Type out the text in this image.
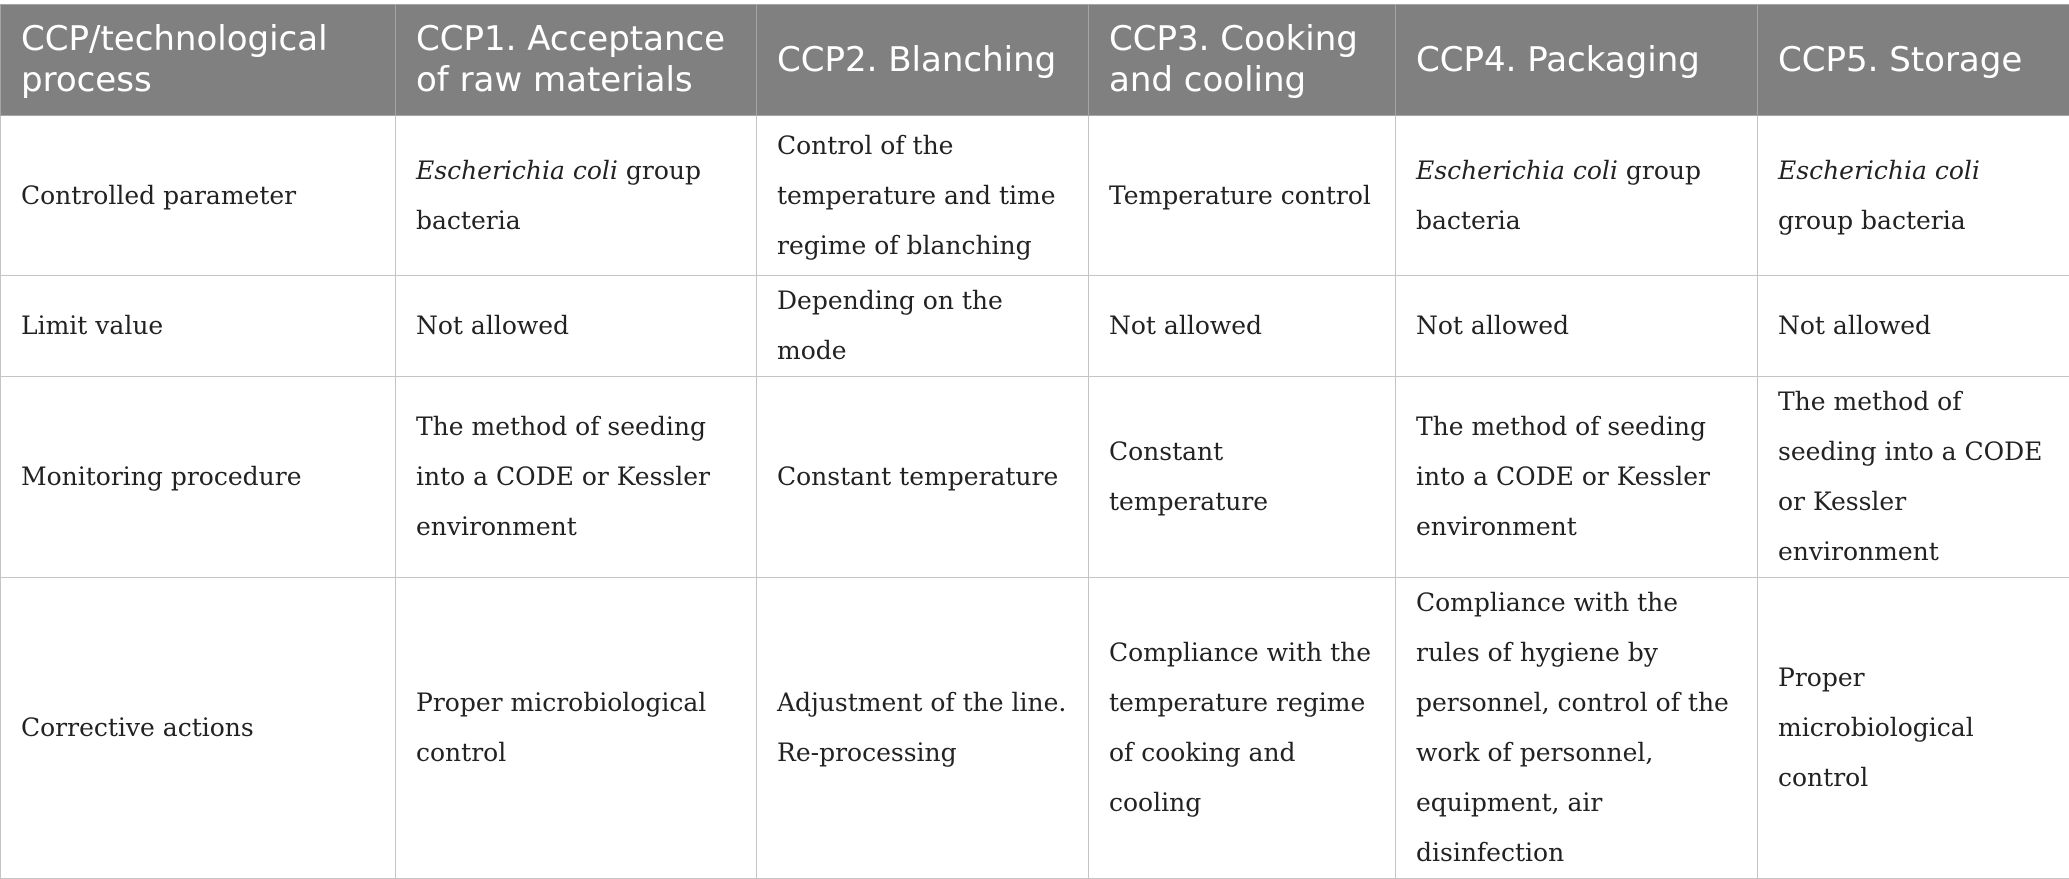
CCP/technological process	CCP1. Acceptance of raw materials	CCP2. Blanching	CCP3. Cooking and cooling	CCP4. Packaging	CCP5. Storage
Controlled parameter	Escherichia coli group bacteria	Control of the temperature and time regime of blanching	Temperature control	Escherichia coli group bacteria	Escherichia coli group bacteria
Limit value	Not allowed	Depending on the mode	Not allowed	Not allowed	Not allowed
Monitoring procedure	The method of seeding into a CODE or Kessler environment	Constant temperature	Constant temperature	The method of seeding into a CODE or Kessler environment	The method of seeding into a CODE or Kessler environment
Corrective actions	Proper microbiological control	Adjustment of the line. Re-processing	Compliance with the temperature regime of cooking and cooling	Compliance with the rules of hygiene by personnel, control of the work of personnel, equipment, air disinfection	Proper microbiological control
